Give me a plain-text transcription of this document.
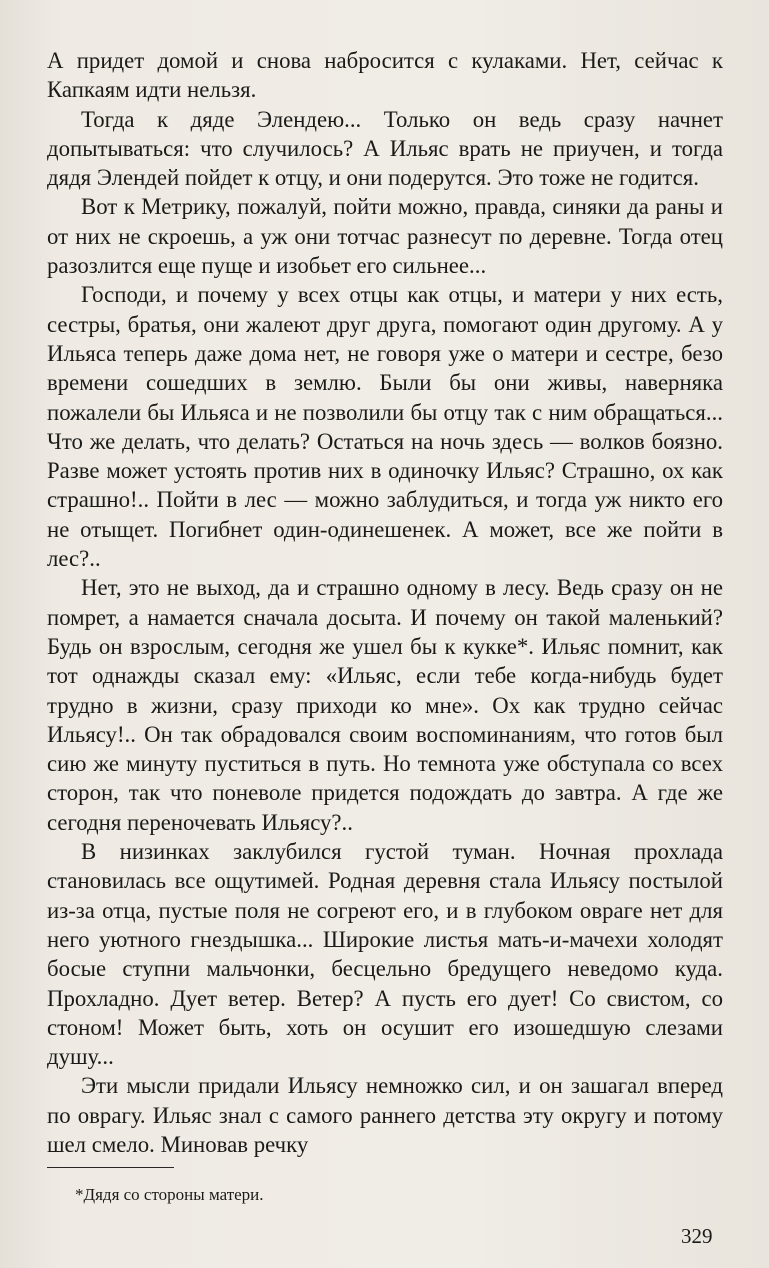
А придет домой и снова набросится с кулаками. Нет, сейчас к Капкаям идти нельзя.

Тогда к дяде Элендею... Только он ведь сразу начнет допытываться: что случилось? А Ильяс врать не приучен, и тогда дядя Элендей пойдет к отцу, и они подерутся. Это тоже не годится.

Вот к Метрику, пожалуй, пойти можно, правда, синяки да раны и от них не скроешь, а уж они тотчас разнесут по деревне. Тогда отец разозлится еще пуще и изобьет его сильнее...

Господи, и почему у всех отцы как отцы, и матери у них есть, сестры, братья, они жалеют друг друга, помогают один другому. А у Ильяса теперь даже дома нет, не говоря уже о матери и сестре, безо времени сошедших в землю. Были бы они живы, наверняка пожалели бы Ильяса и не позволили бы отцу так с ним обращаться... Что же делать, что делать? Остаться на ночь здесь — волков боязно. Разве может устоять против них в одиночку Ильяс? Страшно, ох как страшно!.. Пойти в лес — можно заблудиться, и тогда уж никто его не отыщет. Погибнет один-одинешенек. А может, все же пойти в лес?..

Нет, это не выход, да и страшно одному в лесу. Ведь сразу он не помрет, а намается сначала досыта. И почему он такой маленький? Будь он взрослым, сегодня же ушел бы к кукке*. Ильяс помнит, как тот однажды сказал ему: «Ильяс, если тебе когда-нибудь будет трудно в жизни, сразу приходи ко мне». Ох как трудно сейчас Ильясу!.. Он так обрадовался своим воспоминаниям, что готов был сию же минуту пуститься в путь. Но темнота уже обступала со всех сторон, так что поневоле придется подождать до завтра. А где же сегодня переночевать Ильясу?..

В низинках заклубился густой туман. Ночная прохлада становилась все ощутимей. Родная деревня стала Ильясу постылой из-за отца, пустые поля не согреют его, и в глубоком овраге нет для него уютного гнездышка... Широкие листья мать-и-мачехи холодят босые ступни мальчонки, бесцельно бредущего неведомо куда. Прохладно. Дует ветер. Ветер? А пусть его дует! Со свистом, со стоном! Может быть, хоть он осушит его изошедшую слезами душу...

Эти мысли придали Ильясу немножко сил, и он зашагал вперед по оврагу. Ильяс знал с самого раннего детства эту округу и потому шел смело. Миновав речку

*Дядя со стороны матери.
329
